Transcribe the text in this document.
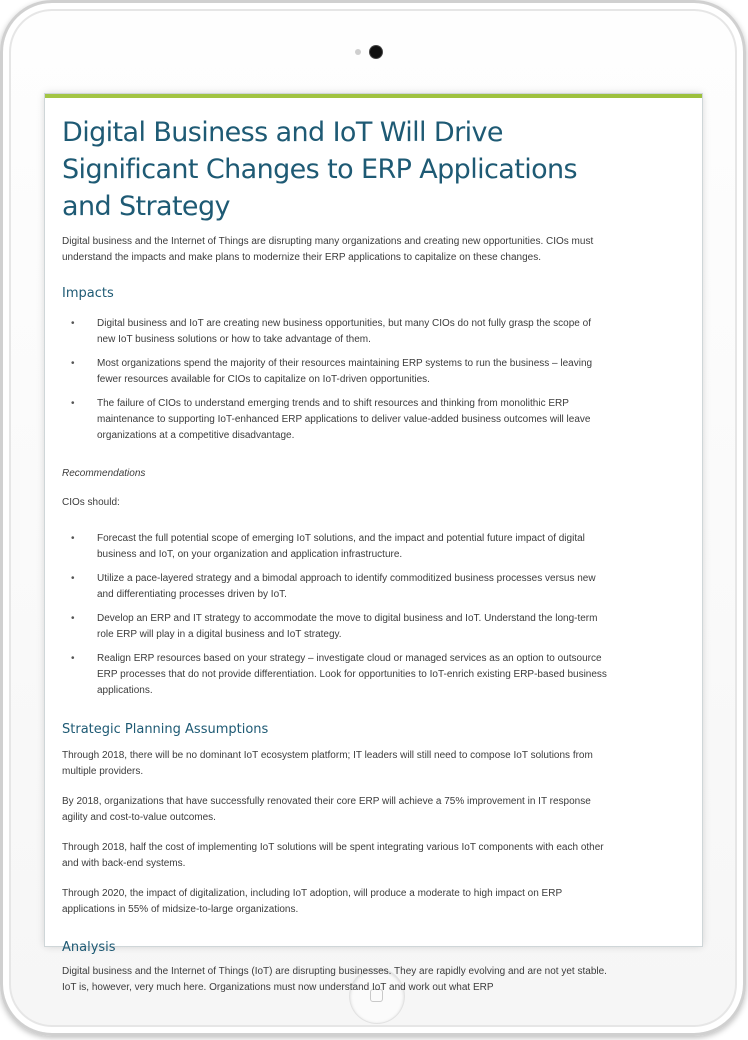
Digital Business and IoT Will Drive Significant Changes to ERP Applications and Strategy

Digital business and the Internet of Things are disrupting many organizations and creating new opportunities. CIOs must understand the impacts and make plans to modernize their ERP applications to capitalize on these changes.

Impacts
• Digital business and IoT are creating new business opportunities, but many CIOs do not fully grasp the scope of new IoT business solutions or how to take advantage of them.
• Most organizations spend the majority of their resources maintaining ERP systems to run the business – leaving fewer resources available for CIOs to capitalize on IoT-driven opportunities.
• The failure of CIOs to understand emerging trends and to shift resources and thinking from monolithic ERP maintenance to supporting IoT-enhanced ERP applications to deliver value-added business outcomes will leave organizations at a competitive disadvantage.

Recommendations

CIOs should:

• Forecast the full potential scope of emerging IoT solutions, and the impact and potential future impact of digital business and IoT, on your organization and application infrastructure.
• Utilize a pace-layered strategy and a bimodal approach to identify commoditized business processes versus new and differentiating processes driven by IoT.
• Develop an ERP and IT strategy to accommodate the move to digital business and IoT. Understand the long-term role ERP will play in a digital business and IoT strategy.
• Realign ERP resources based on your strategy – investigate cloud or managed services as an option to outsource ERP processes that do not provide differentiation. Look for opportunities to IoT-enrich existing ERP-based business applications.
Strategic Planning Assumptions

Through 2018, there will be no dominant IoT ecosystem platform; IT leaders will still need to compose IoT solutions from multiple providers.

By 2018, organizations that have successfully renovated their core ERP will achieve a 75% improvement in IT response agility and cost-to-value outcomes.

Through 2018, half the cost of implementing IoT solutions will be spent integrating various IoT components with each other and with back-end systems.

Through 2020, the impact of digitalization, including IoT adoption, will produce a moderate to high impact on ERP applications in 55% of midsize-to-large organizations.

Analysis

Digital business and the Internet of Things (IoT) are disrupting businesses. They are rapidly evolving and are not yet stable. IoT is, however, very much here. Organizations must now understand IoT and work out what ERP
